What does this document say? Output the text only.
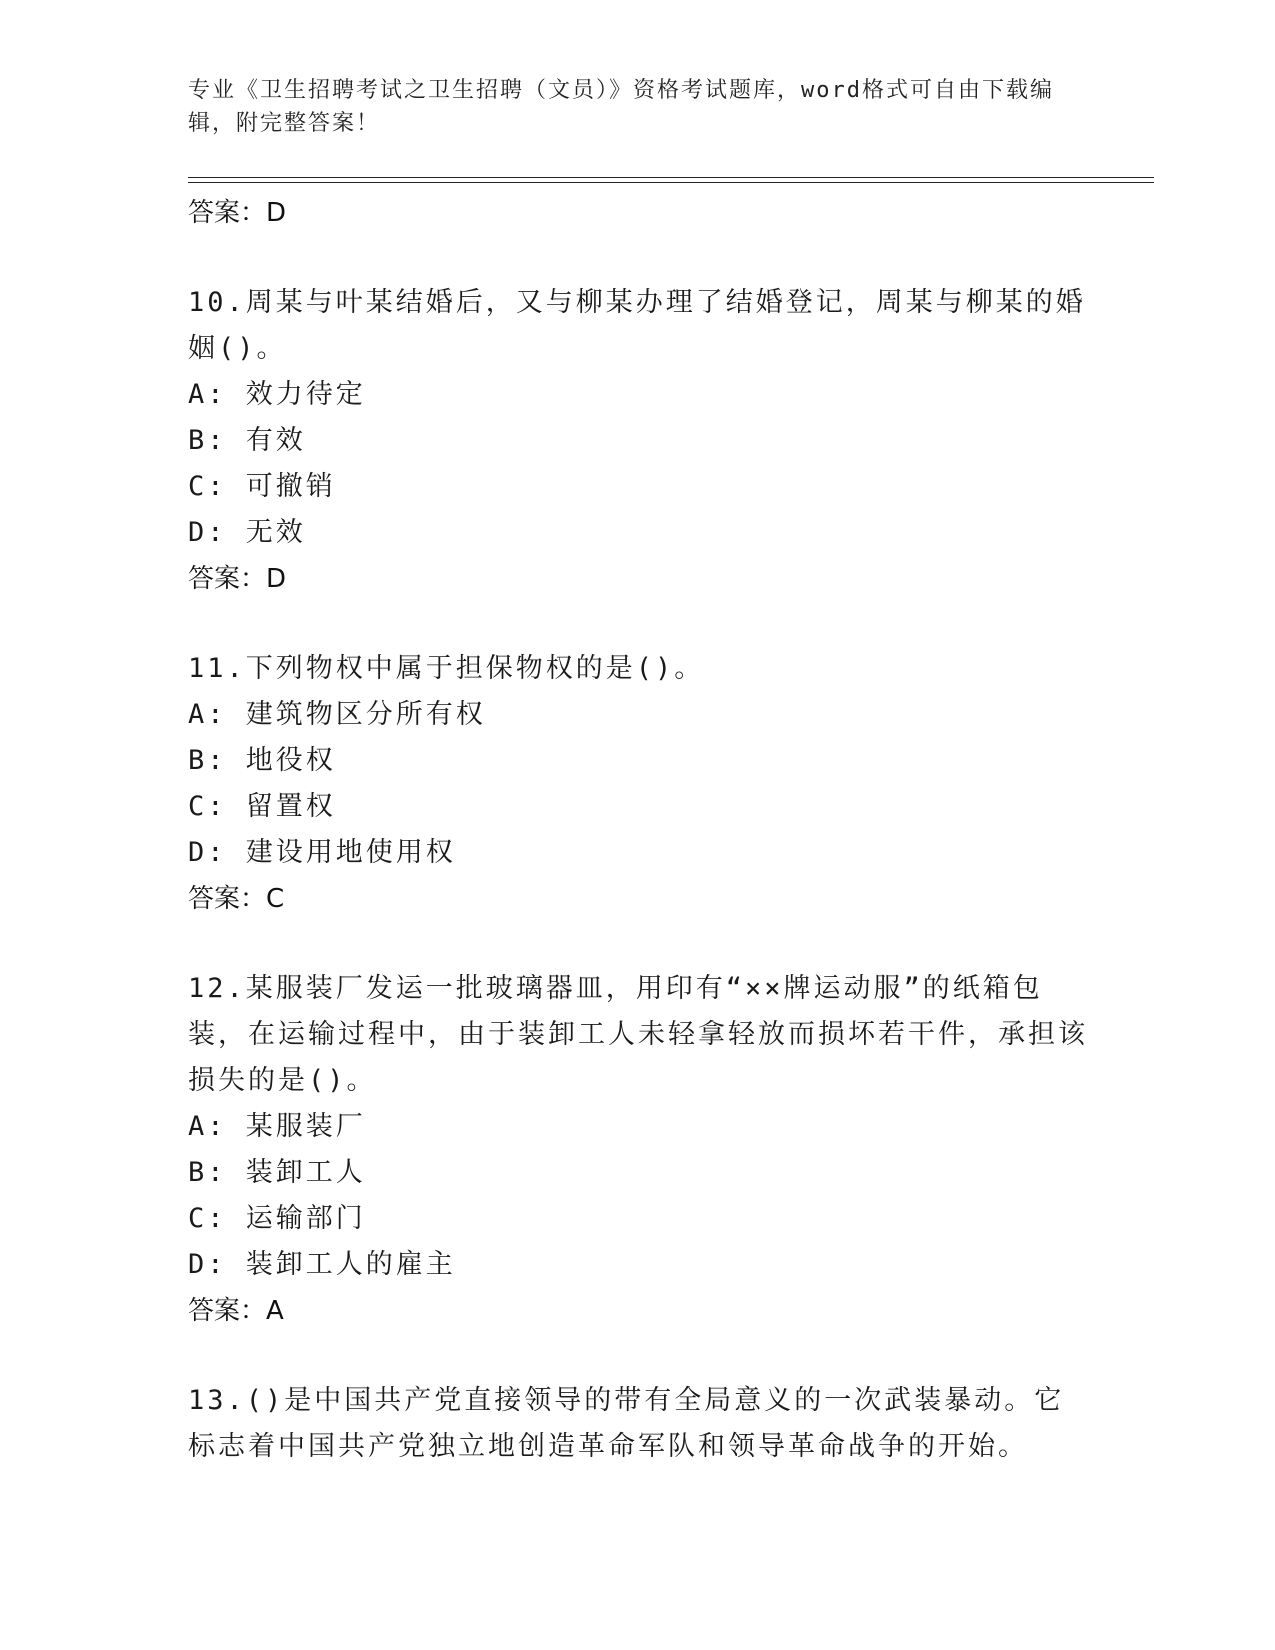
专业《卫生招聘考试之卫生招聘（文员）》资格考试题库，word格式可自由下载编辑，附完整答案！
答案：D
10.周某与叶某结婚后，又与柳某办理了结婚登记，周某与柳某的婚姻()。
A: 效力待定
B: 有效
C: 可撤销
D: 无效
答案：D
11.下列物权中属于担保物权的是()。
A: 建筑物区分所有权
B: 地役权
C: 留置权
D: 建设用地使用权
答案：C
12.某服装厂发运一批玻璃器皿，用印有“××牌运动服”的纸箱包装，在运输过程中，由于装卸工人未轻拿轻放而损坏若干件，承担该损失的是()。
A: 某服装厂
B: 装卸工人
C: 运输部门
D: 装卸工人的雇主
答案：A
13.()是中国共产党直接领导的带有全局意义的一次武装暴动。它标志着中国共产党独立地创造革命军队和领导革命战争的开始。
